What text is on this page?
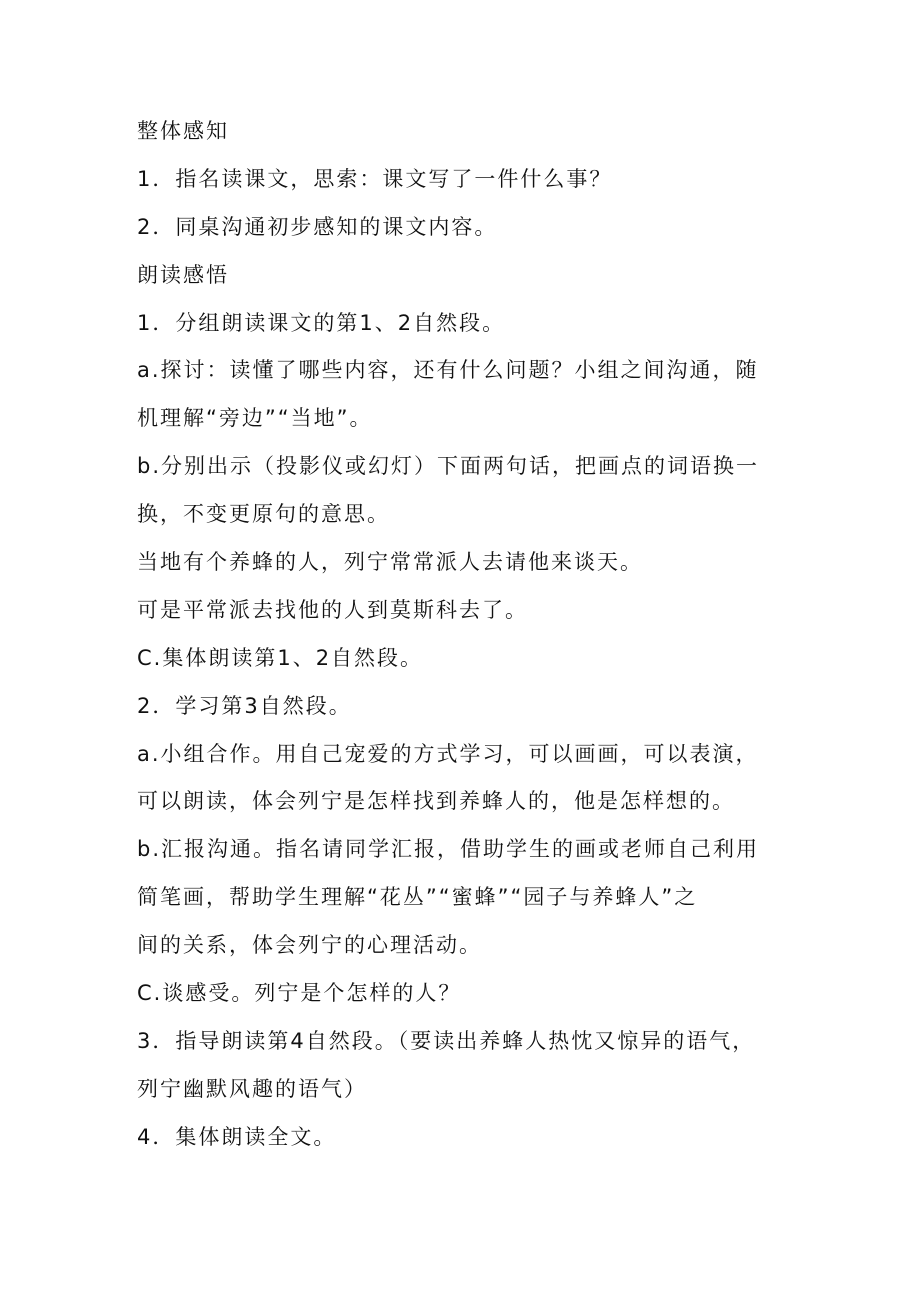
整体感知
1．指名读课文，思索：课文写了一件什么事？
2．同桌沟通初步感知的课文内容。
朗读感悟
1．分组朗读课文的第1、2自然段。
a.探讨：读懂了哪些内容，还有什么问题？小组之间沟通，随
机理解“旁边”“当地”。
b.分别出示（投影仪或幻灯）下面两句话，把画点的词语换一
换，不变更原句的意思。
当地有个养蜂的人，列宁常常派人去请他来谈天。
可是平常派去找他的人到莫斯科去了。
C.集体朗读第1、2自然段。
2．学习第3自然段。
a.小组合作。用自己宠爱的方式学习，可以画画，可以表演，
可以朗读，体会列宁是怎样找到养蜂人的，他是怎样想的。
b.汇报沟通。指名请同学汇报，借助学生的画或老师自己利用
简笔画，帮助学生理解“花丛”“蜜蜂”“园子与养蜂人”之
间的关系，体会列宁的心理活动。
C.谈感受。列宁是个怎样的人？
3．指导朗读第4自然段。（要读出养蜂人热忱又惊异的语气，
列宁幽默风趣的语气）
4．集体朗读全文。
